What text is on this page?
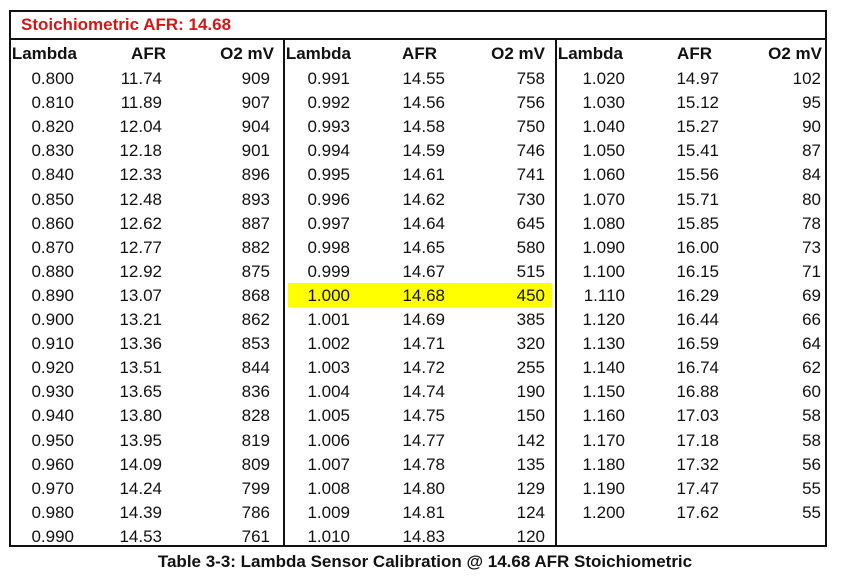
Stoichiometric AFR: 14.68
Lambda	AFR	O2 mV
0.800	11.74	909
0.810	11.89	907
0.820	12.04	904
0.830	12.18	901
0.840	12.33	896
0.850	12.48	893
0.860	12.62	887
0.870	12.77	882
0.880	12.92	875
0.890	13.07	868
0.900	13.21	862
0.910	13.36	853
0.920	13.51	844
0.930	13.65	836
0.940	13.80	828
0.950	13.95	819
0.960	14.09	809
0.970	14.24	799
0.980	14.39	786
0.990	14.53	761
Lambda	AFR	O2 mV
0.991	14.55	758
0.992	14.56	756
0.993	14.58	750
0.994	14.59	746
0.995	14.61	741
0.996	14.62	730
0.997	14.64	645
0.998	14.65	580
0.999	14.67	515
1.000	14.68	450
1.001	14.69	385
1.002	14.71	320
1.003	14.72	255
1.004	14.74	190
1.005	14.75	150
1.006	14.77	142
1.007	14.78	135
1.008	14.80	129
1.009	14.81	124
1.010	14.83	120
Lambda	AFR	O2 mV
1.020	14.97	102
1.030	15.12	95
1.040	15.27	90
1.050	15.41	87
1.060	15.56	84
1.070	15.71	80
1.080	15.85	78
1.090	16.00	73
1.100	16.15	71
1.110	16.29	69
1.120	16.44	66
1.130	16.59	64
1.140	16.74	62
1.150	16.88	60
1.160	17.03	58
1.170	17.18	58
1.180	17.32	56
1.190	17.47	55
1.200	17.62	55
Table 3-3: Lambda Sensor Calibration @ 14.68 AFR Stoichiometric
